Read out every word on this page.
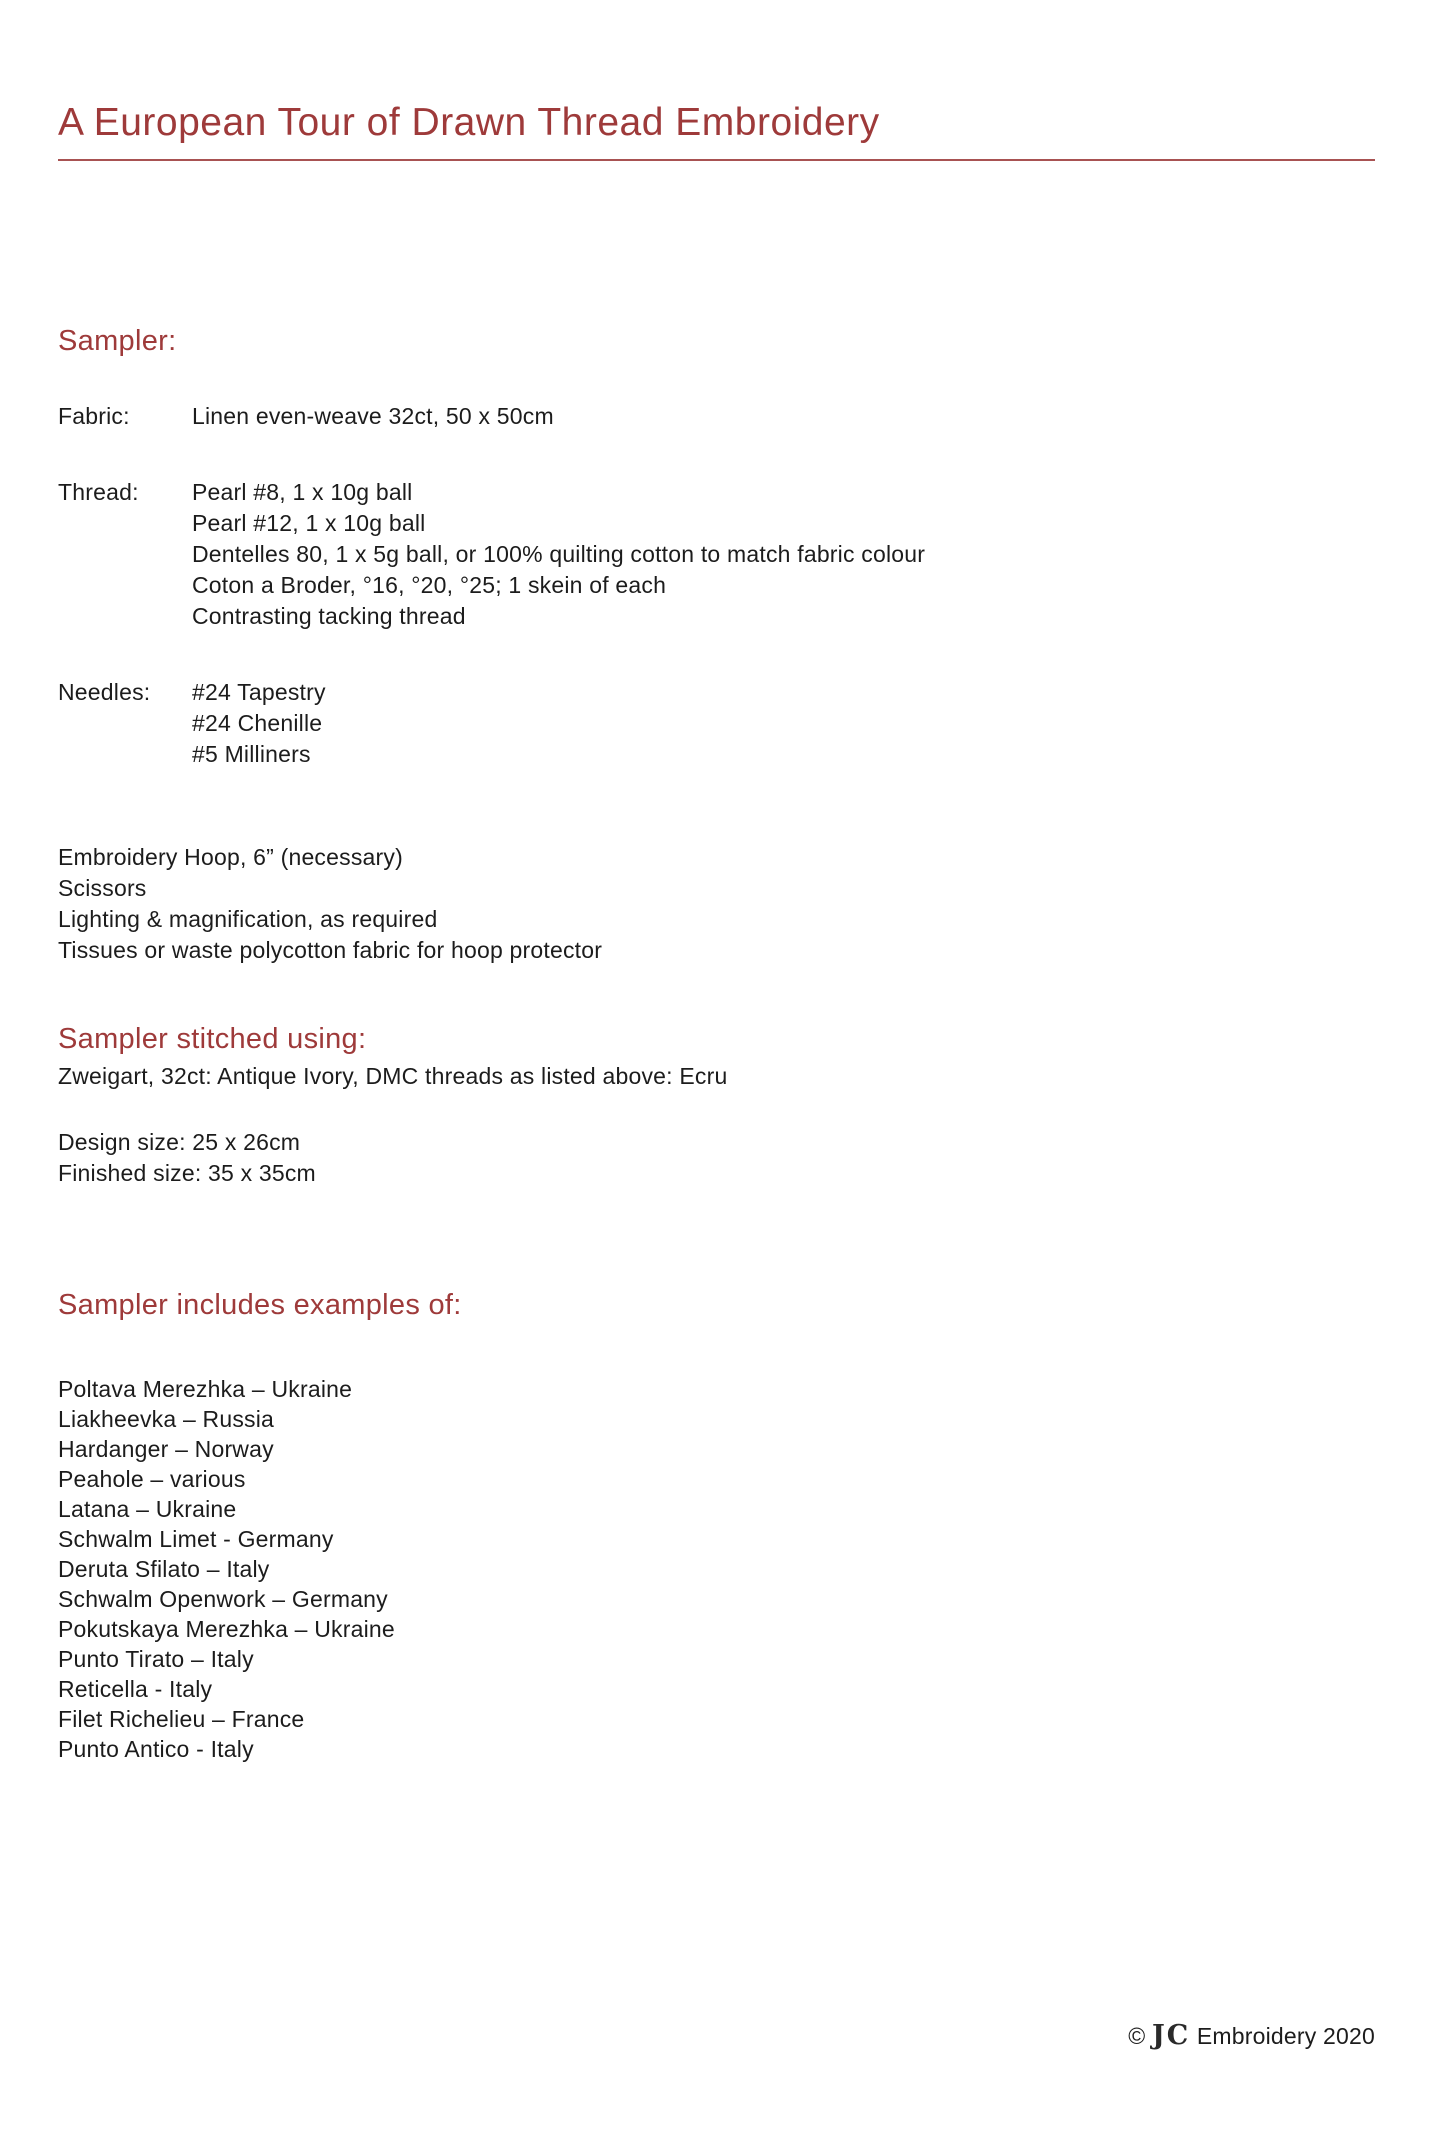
A European Tour of Drawn Thread Embroidery
Sampler:
Fabric:	Linen even-weave 32ct, 50 x 50cm
Thread:	Pearl #8, 1 x 10g ball
Pearl #12, 1 x 10g ball
Dentelles 80, 1 x 5g ball, or 100% quilting cotton to match fabric colour
Coton a Broder, °16, °20, °25; 1 skein of each
Contrasting tacking thread
Needles:	#24 Tapestry
#24 Chenille
#5 Milliners
Embroidery Hoop, 6” (necessary)
Scissors
Lighting & magnification, as required
Tissues or waste polycotton fabric for hoop protector
Sampler stitched using:

Zweigart, 32ct: Antique Ivory, DMC threads as listed above: Ecru

Design size: 25 x 26cm
Finished size: 35 x 35cm
Sampler includes examples of:
Poltava Merezhka – Ukraine
Liakheevka – Russia
Hardanger – Norway
Peahole – various
Latana – Ukraine
Schwalm Limet - Germany
Deruta Sfilato – Italy
Schwalm Openwork – Germany
Pokutskaya Merezhka – Ukraine
Punto Tirato – Italy
Reticella - Italy
Filet Richelieu – France
Punto Antico - Italy
© JC Embroidery 2020
